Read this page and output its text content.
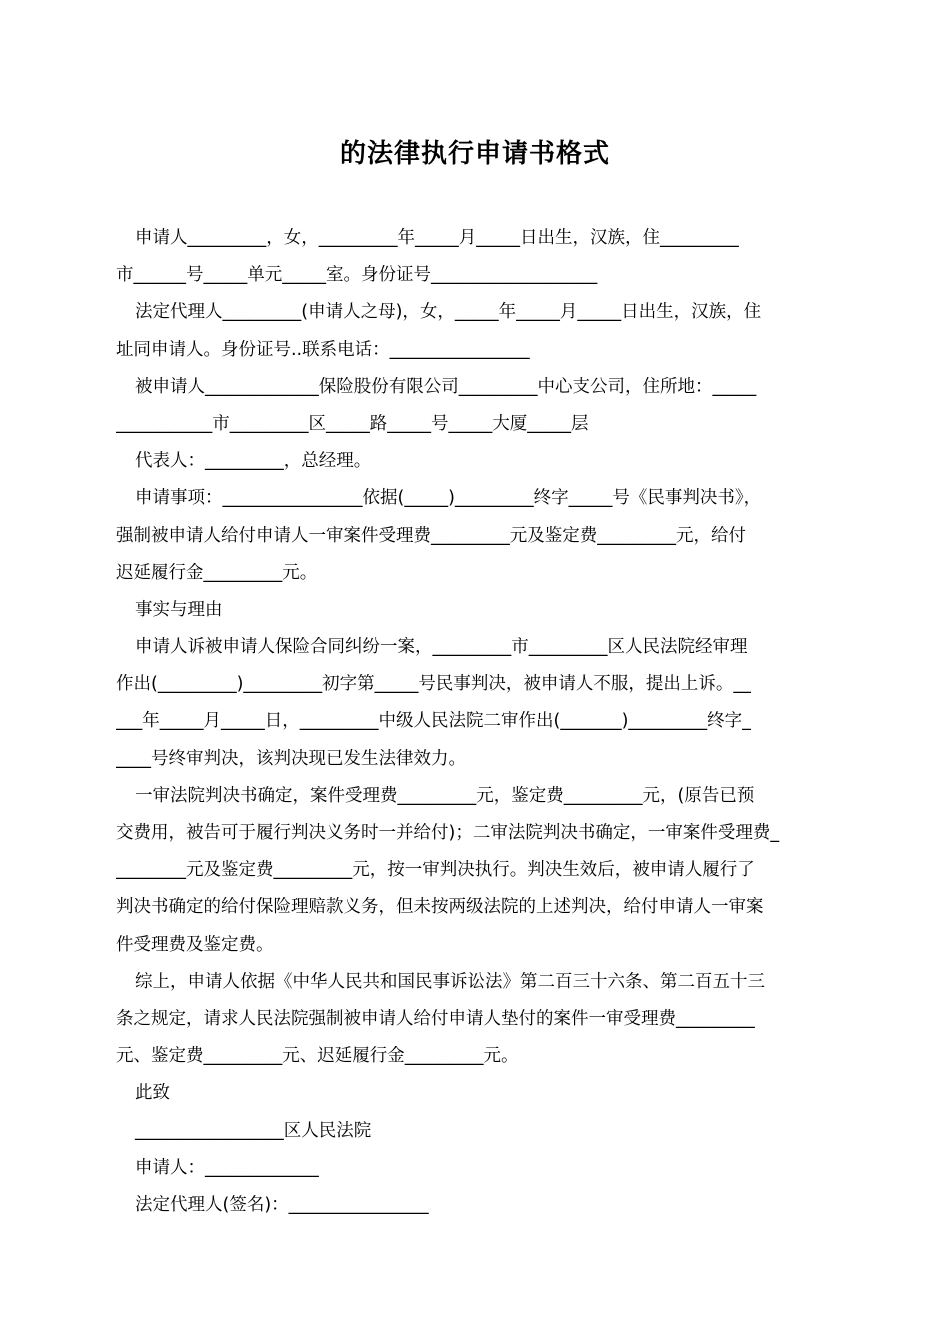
的法律执行申请书格式
申请人_________，女，_________年_____月_____日出生，汉族，住_________
市______号_____单元_____室。身份证号___________________
法定代理人_________(申请人之母)，女，_____年_____月_____日出生，汉族，住
址同申请人。身份证号..联系电话：________________
被申请人_____________保险股份有限公司_________中心支公司，住所地：_____
___________市_________区_____路_____号_____大厦_____层
代表人：_________，总经理。
申请事项：________________依据(_____)_________终字_____号《民事判决书》，
强制被申请人给付申请人一审案件受理费_________元及鉴定费_________元，给付
迟延履行金_________元。
事实与理由
申请人诉被申请人保险合同纠纷一案，_________市_________区人民法院经审理
作出(_________)_________初字第_____号民事判决，被申请人不服，提出上诉。__
___年_____月_____日，_________中级人民法院二审作出(_______)_________终字_
____号终审判决，该判决现已发生法律效力。
一审法院判决书确定，案件受理费_________元，鉴定费_________元，(原告已预
交费用，被告可于履行判决义务时一并给付)；二审法院判决书确定，一审案件受理费_
________元及鉴定费_________元，按一审判决执行。判决生效后，被申请人履行了
判决书确定的给付保险理赔款义务，但未按两级法院的上述判决，给付申请人一审案
件受理费及鉴定费。
综上，申请人依据《中华人民共和国民事诉讼法》第二百三十六条、第二百五十三
条之规定，请求人民法院强制被申请人给付申请人垫付的案件一审受理费_________
元、鉴定费_________元、迟延履行金_________元。
此致
_________________区人民法院
申请人：_____________
法定代理人(签名)：________________
